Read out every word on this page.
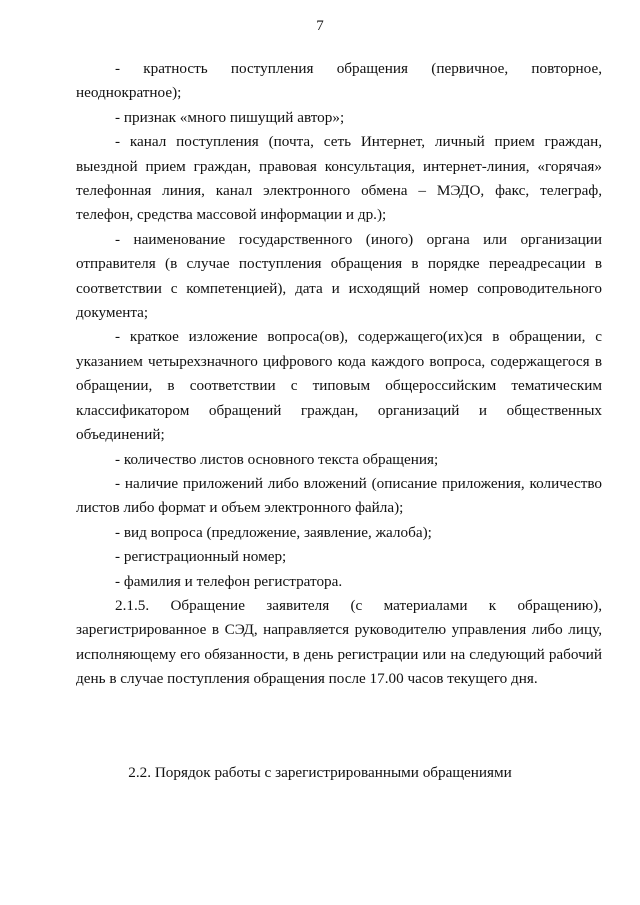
7

- кратность поступления обращения (первичное, повторное, неоднократное);

- признак «много пишущий автор»;

- канал поступления (почта, сеть Интернет, личный прием граждан, выездной прием граждан, правовая консультация, интернет-линия, «горячая» телефонная линия, канал электронного обмена – МЭДО, факс, телеграф, телефон, средства массовой информации и др.);

- наименование государственного (иного) органа или организации отправителя (в случае поступления обращения в порядке переадресации в соответствии с компетенцией), дата и исходящий номер сопроводительного документа;

- краткое изложение вопроса(ов), содержащего(их)ся в обращении, с указанием четырехзначного цифрового кода каждого вопроса, содержащегося в обращении, в соответствии с типовым общероссийским тематическим классификатором обращений граждан, организаций и общественных объединений;

- количество листов основного текста обращения;

- наличие приложений либо вложений (описание приложения, количество листов либо формат и объем электронного файла);

- вид вопроса (предложение, заявление, жалоба);

- регистрационный номер;

- фамилия и телефон регистратора.

2.1.5. Обращение заявителя (с материалами к обращению), зарегистрированное в СЭД, направляется руководителю управления либо лицу, исполняющему его обязанности, в день регистрации или на следующий рабочий день в случае поступления обращения после 17.00 часов текущего дня.

2.2. Порядок работы с зарегистрированными обращениями
